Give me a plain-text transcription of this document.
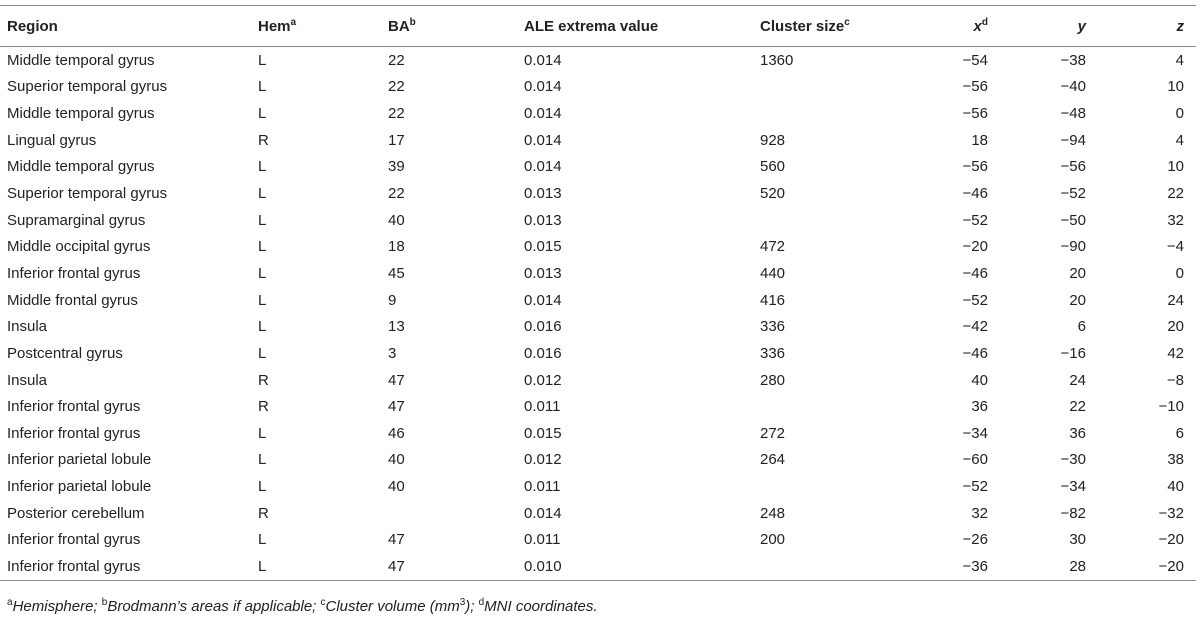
Region	Hem$^a$	$BA^b$	ALE extrema value	Cluster size$^c$	$x^d$	y	z
Middle temporal gyrus	L	22	0.014	1360	−54	−38	4
Superior temporal gyrus	L	22	0.014		−56	−40	10
Middle temporal gyrus	L	22	0.014		−56	−48	0
Lingual gyrus	R	17	0.014	928	18	−94	4
Middle temporal gyrus	L	39	0.014	560	−56	−56	10
Superior temporal gyrus	L	22	0.013	520	−46	−52	22
Supramarginal gyrus	L	40	0.013		−52	−50	32
Middle occipital gyrus	L	18	0.015	472	−20	−90	−4
Inferior frontal gyrus	L	45	0.013	440	−46	20	0
Middle frontal gyrus	L	9	0.014	416	−52	20	24
Insula	L	13	0.016	336	−42	6	20
Postcentral gyrus	L	3	0.016	336	−46	−16	42
Insula	R	47	0.012	280	40	24	−8
Inferior frontal gyrus	R	47	0.011		36	22	−10
Inferior frontal gyrus	L	46	0.015	272	−34	36	6
Inferior parietal lobule	L	40	0.012	264	−60	−30	38
Inferior parietal lobule	L	40	0.011		−52	−34	40
Posterior cerebellum	R		0.014	248	32	−82	−32
Inferior frontal gyrus	L	47	0.011	200	−26	30	−20
Inferior frontal gyrus	L	47	0.010		−36	28	−20
$^a$Hemisphere; $^b$Brodmann’s areas if applicable; $^c$Cluster volume $(mm^3)$; $^d$MNI coordinates.
